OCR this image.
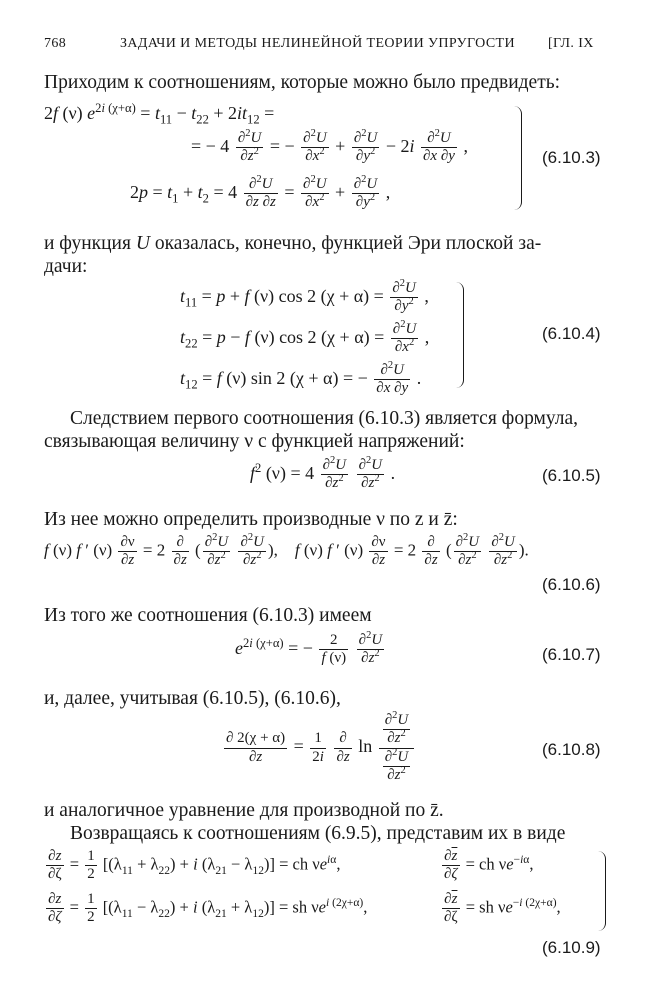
768	ЗАДАЧИ И МЕТОДЫ НЕЛИНЕЙНОЙ ТЕОРИИ УПРУГОСТИ [ГЛ. IX
Приходим к соотношениям, которые можно было предвидеть:
2f (ν) $e^{2i (\chi+\alpha)} = t_{11} - t_{22} + 2it_{12}$ =
= − $4 \frac{\partial^2U}{\partial\overline{z}^2}$ = − $\frac{\partial^2U}{\partial x^2} + \frac{\partial^2U}{\partial y^2} - 2i \frac{\partial^2U}{\partial x \partial y}$ ,
$2p = t_1 + t_2 = 4 \frac{\partial^2U}{\partial z \partial\overline{z}} = \frac{\partial^2U}{\partial x^2} + \frac{\partial^2U}{\partial y^2}$ ,
(6.10.3)
и функция U оказалась, конечно, функцией Эри плоской за-
дачи:
$t_{11} = p + f$ (ν) cos 2 $(\chi + \alpha) = \frac{\partial^2U}{\partial y^2}$ ,
$t_{22} = p - f$ (ν) cos 2 $(\chi + \alpha) = \frac{\partial^2U}{\partial x^2}$ ,
$t_{12} = f$ (ν) sin 2 (χ + α) = − $\frac{\partial^2U}{\partial x \partial y}$ .
(6.10.4)
Следствием первого соотношения (6.10.3) является формула,
связывающая величину ν с функцией напряжений:
$f^2$ $(\nu) = 4 \frac{\partial^2U}{\partial z^2}$
$\frac{\partial^2U}{\partial\overline{z}^2}$ .	(6.10.5)
Из нее можно определить производные ν по z и z̄:
f (ν) f ′ $(\nu) \frac{\partial\nu}{\partial z} = 2 \frac{\partial}{\partial z}$ ( $\frac{\partial^2U}{\partial z^2}$
$\frac{\partial^2U}{\partial\overline{z}^2}$ ),    f (ν) f ′ $(\nu) \frac{\partial\nu}{\partial\overline{z}} = 2 \frac{\partial}{\partial\overline{z}}$ ( $\frac{\partial^2U}{\partial z^2}$
$\frac{\partial^2U}{\partial\overline{z}^2}$ ).
(6.10.6)
Из того же соотношения (6.10.3) имеем
$e^{2i (\chi+\alpha)}$ = − $\frac{2}{f (\nu)}$
$\frac{\partial^2U}{\partial\overline{z}^2}$	(6.10.7)
и, далее, учитывая (6.10.5), (6.10.6),
$\frac{\partial 2(\chi + \alpha)}{\partial z} = \frac{1}{2i}$
$\frac{\partial}{\partial z}$ $\ln \frac{\frac{\partial^2U}{\partial\overline{z}^2}}{\frac{\partial^2U}{\partial z^2}}$	(6.10.8)
и аналогичное уравнение для производной по z̄.
Возвращаясь к соотношениям (6.9.5), представим их в виде
$\frac{\partial z}{\partial\zeta} = \frac{1}{2} [(\lambda_{11} + \lambda_{22}) + i$ $(\lambda_{21} - \lambda_{12})$] = ch $\nu e^{i\alpha}$,	$\frac{\partial\overline{z}}{\partial\overline{\zeta}}$ = ch $\nu e^{-i\alpha}$,
$\frac{\partial z}{\partial\overline{\zeta}} = \frac{1}{2} [(\lambda_{11} - \lambda_{22}) + i$ $(\lambda_{21} + \lambda_{12})$] = sh $\nu e^{i (2\chi+\alpha)}$,	$\frac{\partial\overline{z}}{\partial\zeta}$ = sh $\nu e^{-i (2\chi+\alpha)}$,
(6.10.9)
